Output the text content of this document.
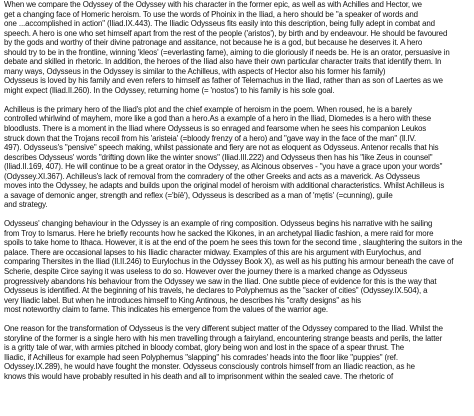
When we compare the Odyssey of the Odyssey with his character in the former epic, as well as with Achilles and Hector, we
get a changing face of Homeric heroism. To use the words of Phoinix in the Iliad, a hero should be "a speaker of words and
one ...accomplished in action" (Iliad.IX.443). The Iliadic Odysseus fits easily into this description, being fully adept in combat and
speech. A hero is one who set himself apart from the rest of the people ('aristos'), by birth and by endeavour. He should be favoured
by the gods and worthy of their divine patronage and assitance, not because he is a god, but because he deserves it. A hero
should try to be in the frontline, winning 'kleos' (=everlasting fame), aiming to die gloriously if needs be. He is an orator, persuasive in
debate and skilled in rhetoric. In addition, the heroes of the Iliad also have their own particular character traits that identify them. In
many ways, Odysseus in the Odyssey is similar to the Achilleus, with aspects of Hector also his former his family)
Odysseus is loved by his family and even refers to himself as father of Telemachus in the Iliad, rather than as son of Laertes as we
might expect (Iliad.II.260). In the Odyssey, returning home (= 'nostos') to his family is his sole goal.
Achilleus is the primary hero of the Iliad's plot and the chief example of heroism in the poem. When roused, he is a barely
controlled whirlwind of mayhem, more like a god than a hero.As a example of a hero in the Iliad, Diomedes is a hero with these
bloodlusts. There is a moment in the Iliad where Odysseus is so enraged and fearsome when he sees his companion Leukos
struck down that the Trojans recoil from his 'aristeia' (=bloody frenzy of a hero) and "gave way in the face of the man" (Il.IV.
497). Odysseus's "pensive" speech making, whilst passionate and fiery are not as eloquent as Odysseus. Antenor recalls that his
describes Odysseus' words "drifting down like the winter snows" (Iliad.III.222) and Odysseus then has his "like Zeus in counsel"
(Iliad.II.169, 407). He will continue to be a great orator in the Odyssey, as Alcinous observes - "you have a grace upon your words"
(Odyssey.XI.367). Achilleus's lack of removal from the comradery of the other Greeks and acts as a maverick. As Odysseus
moves into the Odyssey, he adapts and builds upon the original model of heroism with additional characteristics. Whilst Achilleus is
a savage of demonic anger, strength and reflex (='bíē'), Odysseus is described as a man of 'mętis' (=cunning), guile
and strategy.
Odysseus' changing behaviour in the Odyssey is an example of ring composition. Odysseus begins his narrative with he sailing
from Troy to Ismarus. Here he briefly recounts how he sacked the Kikones, in an archetypal Iliadic fashion, a mere raid for more
spoils to take home to Ithaca. However, it is at the end of the poem he sees this town for the second time , slaughtering the suitors in the
palace. There are occasional lapses to his Iliadic character midway. Examples of this are his argument with Eurylochus, and
comparing Thersites in the Iliad (Il.II.246) to Eurylochus in the Odyssey Book X), as well as his putting his armour beneath the cave of
Scherie, despite Circe saying it was useless to do so. However over the journey there is a marked change as Odysseus
progressively abandons his behaviour from the Odyssey we saw in the Iliad. One subtle piece of evidence for this is the way that
Odysseus is identified. At the beginning of his travels, he declares to Polyphemus as the "sacker of cities" (Odyssey.IX.504), a
very Iliadic label. But when he introduces himself to King Antinous, he describes his "crafty designs" as his
most noteworthy claim to fame. This indicates his emergence from the values of the warrior age.
One reason for the transformation of Odysseus is the very different subject matter of the Odyssey compared to the Iliad. Whilst the
storyline of the former is a single hero with his men travelling through a fairyland, encountering strange beasts and perils, the latter
is a gritty tale of war, with armies pitched in bloody combat, glory being won and lost in the space of a spear thrust. The
Iliadic, if Achilleus for example had seen Polyphemus "slapping" his comrades' heads into the floor like "puppies" (ref.
Odyssey.IX.289), he would have fought the monster. Odysseus consciously controls himself from an Iliadic reaction, as he
knows this would have probably resulted in his death and all to imprisonment within the sealed cave. The rhetoric of
